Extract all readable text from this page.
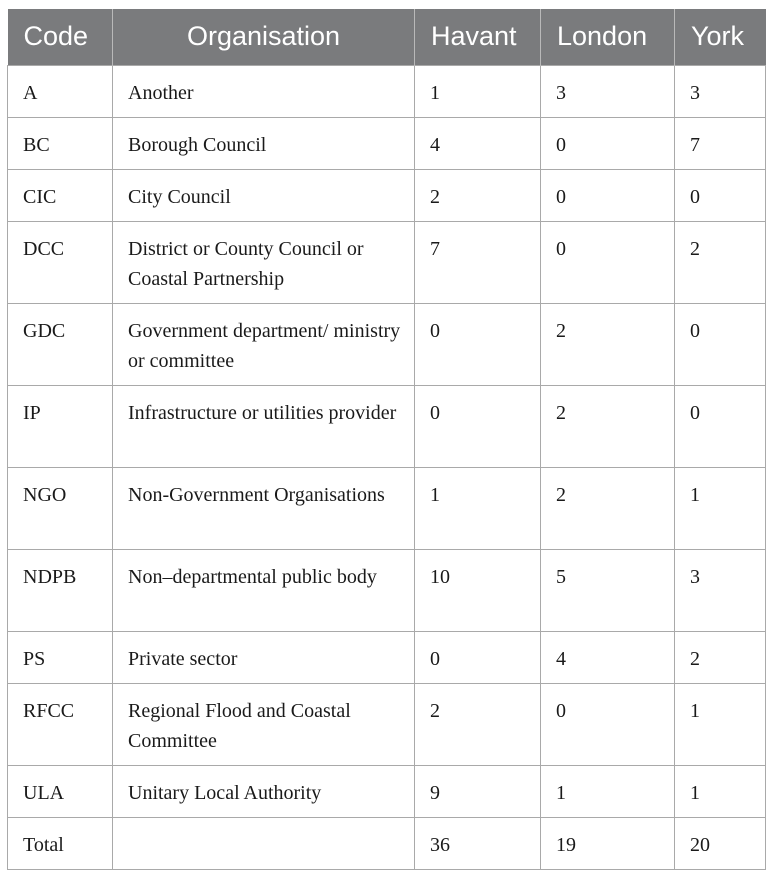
Code	Organisation	Havant	London	York
A	Another	1	3	3
BC	Borough Council	4	0	7
CIC	City Council	2	0	0
DCC	District or County Council or Coastal Partnership	7	0	2
GDC	Government department/ ministry or committee	0	2	0
IP	Infrastructure or utilities provider	0	2	0
NGO	Non-Government Organisations	1	2	1
NDPB	Non–departmental public body	10	5	3
PS	Private sector	0	4	2
RFCC	Regional Flood and Coastal Committee	2	0	1
ULA	Unitary Local Authority	9	1	1
Total		36	19	20
